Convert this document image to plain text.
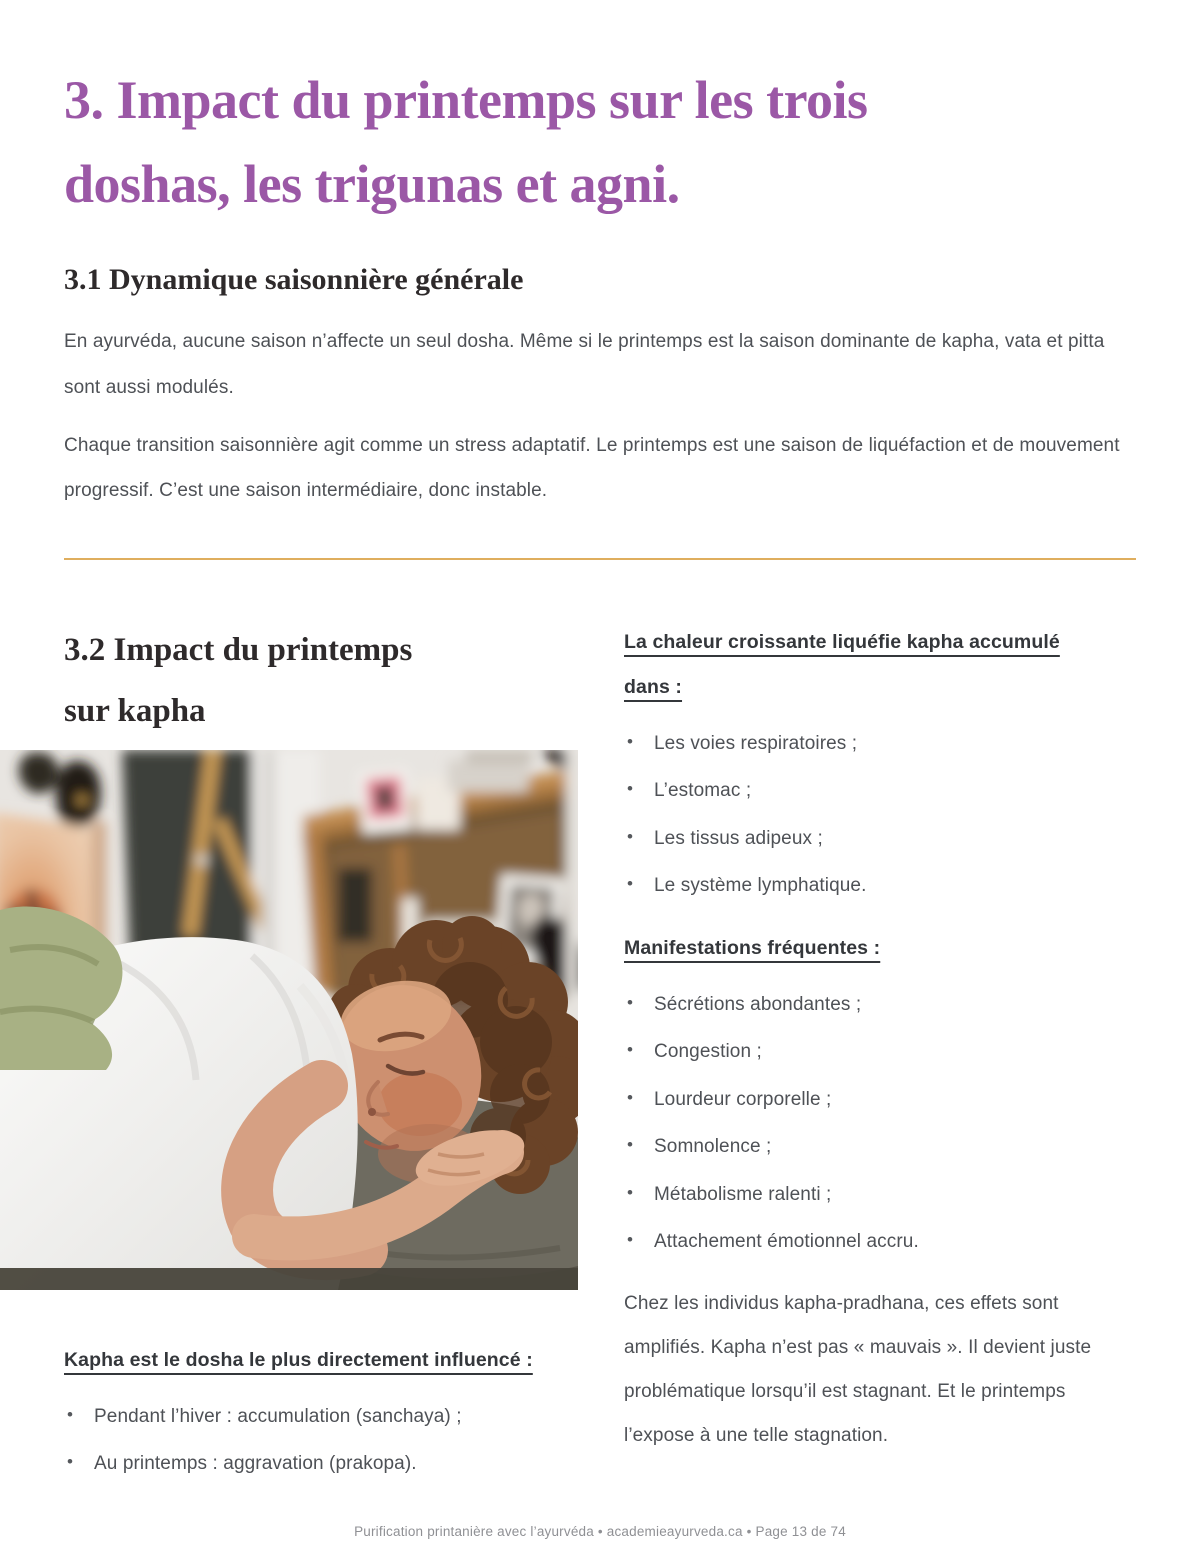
3. Impact du printemps sur les trois
doshas, les trigunas et agni.
3.1 Dynamique saisonnière générale

En ayurvéda, aucune saison n’affecte un seul dosha. Même si le printemps est la saison dominante de kapha, vata et pitta sont aussi modulés.

Chaque transition saisonnière agit comme un stress adaptatif. Le printemps est une saison de liquéfaction et de mouvement progressif. C’est une saison intermédiaire, donc instable.

3.2 Impact du printemps
sur kapha

Kapha est le dosha le plus directement influencé :

•	Pendant l’hiver : accumulation (sanchaya) ;
•	Au printemps : aggravation (prakopa).

La chaleur croissante liquéfie kapha accumulé
dans :

•	Les voies respiratoires ;
•	L’estomac ;
•	Les tissus adipeux ;
•	Le système lymphatique.

Manifestations fréquentes :

•	Sécrétions abondantes ;
•	Congestion ;
•	Lourdeur corporelle ;
•	Somnolence ;
•	Métabolisme ralenti ;
•	Attachement émotionnel accru.

Chez les individus kapha-pradhana, ces effets sont amplifiés. Kapha n’est pas « mauvais ». Il devient juste problématique lorsqu’il est stagnant. Et le printemps l’expose à une telle stagnation.

Purification printanière avec l’ayurvéda • academieayurveda.ca • Page 13 de 74
